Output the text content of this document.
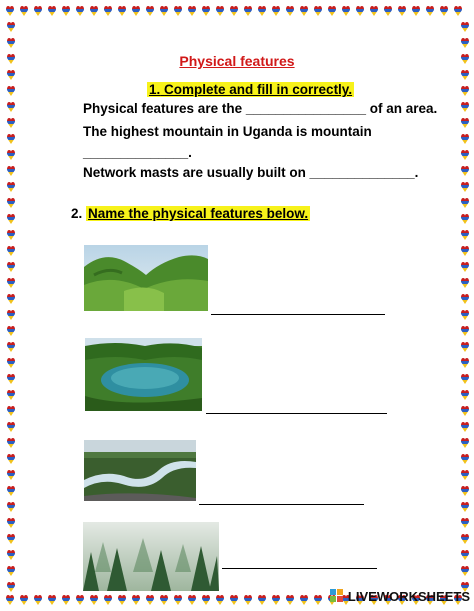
Physical features
1. Complete and fill in correctly.
Physical features are the ________________ of an area.
The highest mountain in Uganda is mountain
______________.
Network masts are usually built on ______________.
2. Name the physical features below.
LIVEWORKSHEETS
